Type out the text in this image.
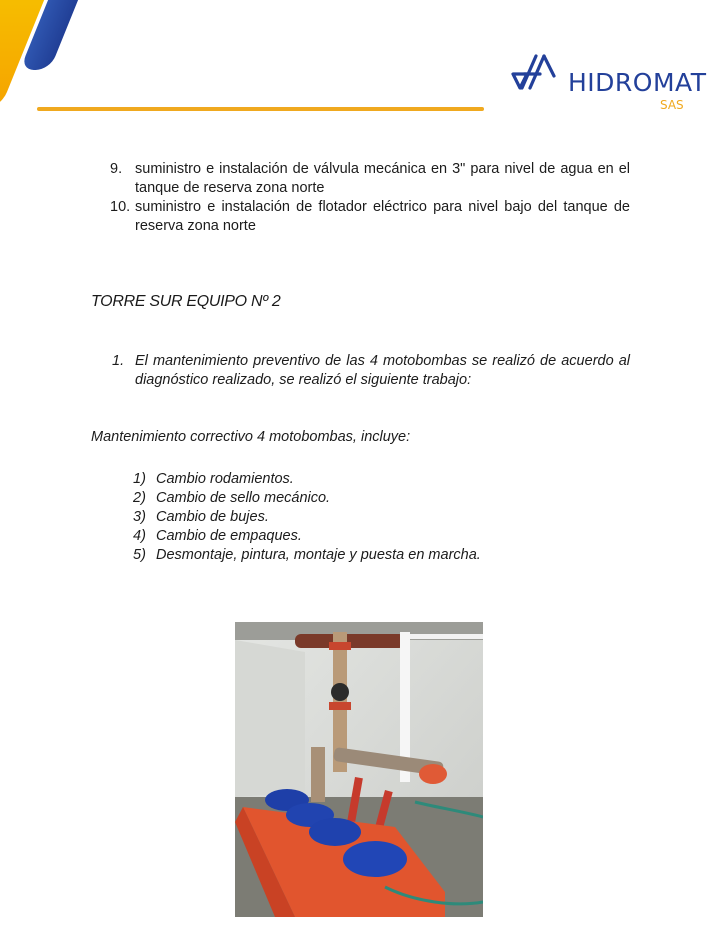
HIDROMAT
SAS
9. suministro e instalación de válvula mecánica en 3" para nivel de agua en el tanque de reserva zona norte
10. suministro e instalación de flotador eléctrico para nivel bajo del tanque de reserva zona norte
TORRE SUR EQUIPO Nº 2
1. El mantenimiento preventivo de las 4 motobombas se realizó de acuerdo al diagnóstico realizado, se realizó el siguiente trabajo:
Mantenimiento correctivo 4 motobombas, incluye:
1) Cambio rodamientos.
2) Cambio de sello mecánico.
3) Cambio de bujes.
4) Cambio de empaques.
5) Desmontaje, pintura, montaje y puesta en marcha.
